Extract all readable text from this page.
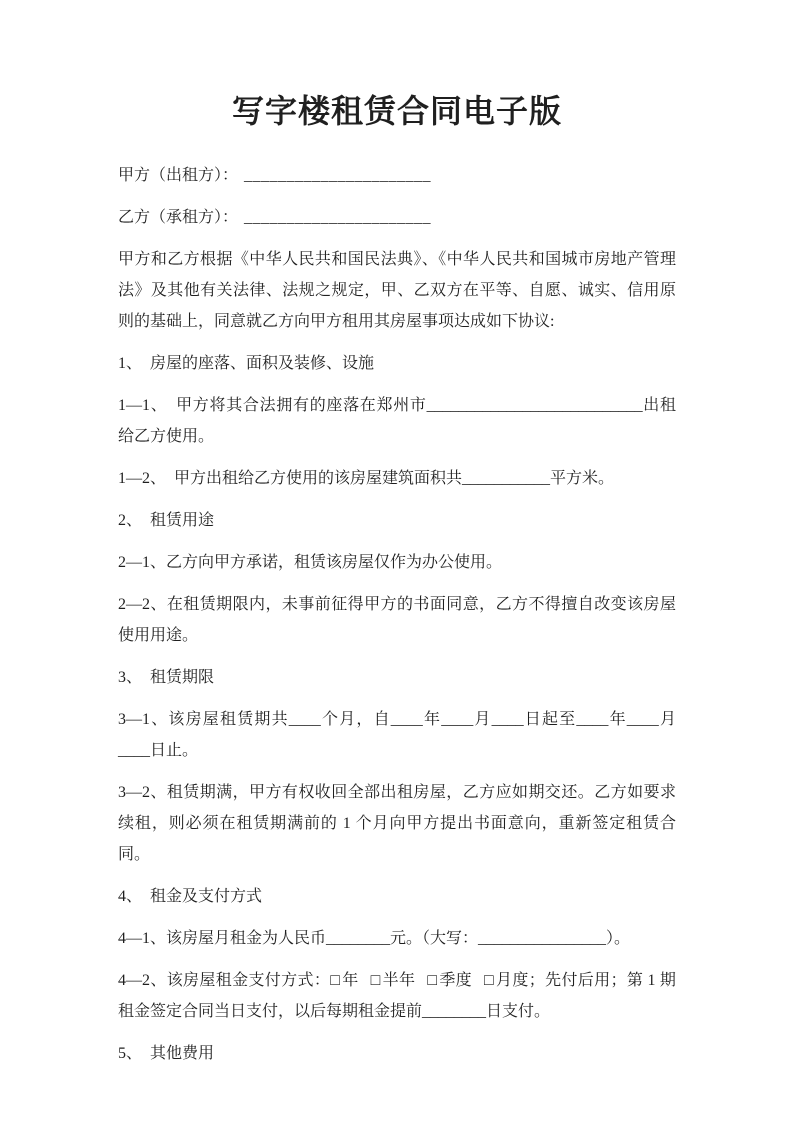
写字楼租赁合同电子版

甲方（出租方）： ______________________

乙方（承租方）： ______________________

甲方和乙方根据《中华人民共和国民法典》、《中华人民共和国城市房地产管理法》及其他有关法律、法规之规定，甲、乙双方在平等、自愿、诚实、信用原则的基础上，同意就乙方向甲方租用其房屋事项达成如下协议:

1、　房屋的座落、面积及装修、设施

1—1、　甲方将其合法拥有的座落在郑州市___________________________出租给乙方使用。

1—2、　甲方出租给乙方使用的该房屋建筑面积共___________平方米。

2、　租赁用途

2—1、乙方向甲方承诺，租赁该房屋仅作为办公使用。

2—2、在租赁期限内，未事前征得甲方的书面同意，乙方不得擅自改变该房屋使用用途。

3、　租赁期限

3—1、该房屋租赁期共____个月，自____年____月____日起至____年____月____日止。

3—2、租赁期满，甲方有权收回全部出租房屋，乙方应如期交还。乙方如要求续租，则必须在租赁期满前的 1 个月向甲方提出书面意向，重新签定租赁合同。

4、　租金及支付方式

4—1、该房屋月租金为人民币________元。（大写：________________）。

4—2、该房屋租金支付方式：□ 年 □ 半年 □ 季度 □ 月度；先付后用；第 1 期租金签定合同当日支付，以后每期租金提前________日支付。

5、　其他费用
